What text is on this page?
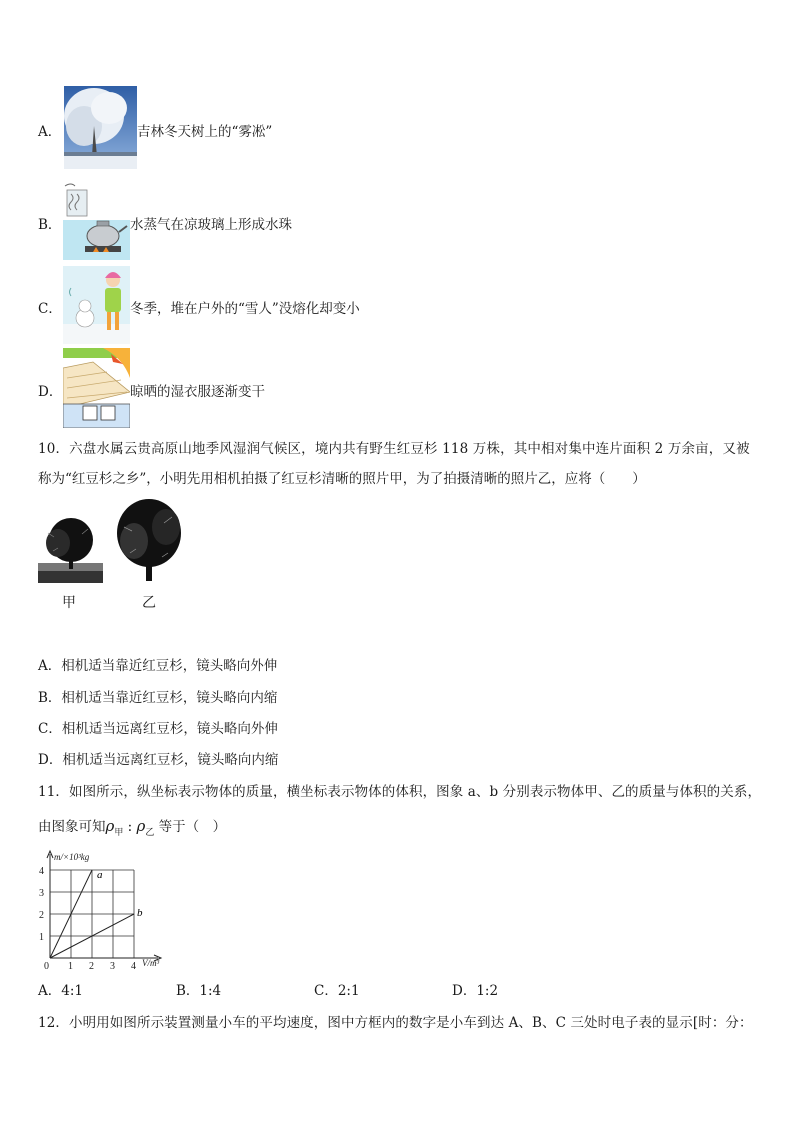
A．	吉林冬天树上的“雾凇”
B．	水蒸气在凉玻璃上形成水珠
C．	冬季，堆在户外的“雪人”没熔化却变小
D．	晾晒的湿衣服逐渐变干
10．六盘水属云贵高原山地季风湿润气候区，境内共有野生红豆杉 118 万株，其中相对集中连片面积 2 万余亩，又被
称为“红豆杉之乡”，小明先用相机拍摄了红豆杉清晰的照片甲，为了拍摄清晰的照片乙，应将（　　）
甲	乙
A．相机适当靠近红豆杉，镜头略向外伸
B．相机适当靠近红豆杉，镜头略向内缩
C．相机适当远离红豆杉，镜头略向外伸
D．相机适当远离红豆杉，镜头略向内缩
11．如图所示，纵坐标表示物体的质量，横坐标表示物体的体积，图象 a、b 分别表示物体甲、乙的质量与体积的关系，
由图象可知$\rho_甲$ : $\rho_乙$ 等于（　）
m/×10³kg
V/m³
4
3
2
1
0 1 2 3 4
a
b
A．4:1	B．1:4	C．2:1	D．1:2
12．小明用如图所示装置测量小车的平均速度，图中方框内的数字是小车到达 A、B、C 三处时电子表的显示[时：分：
